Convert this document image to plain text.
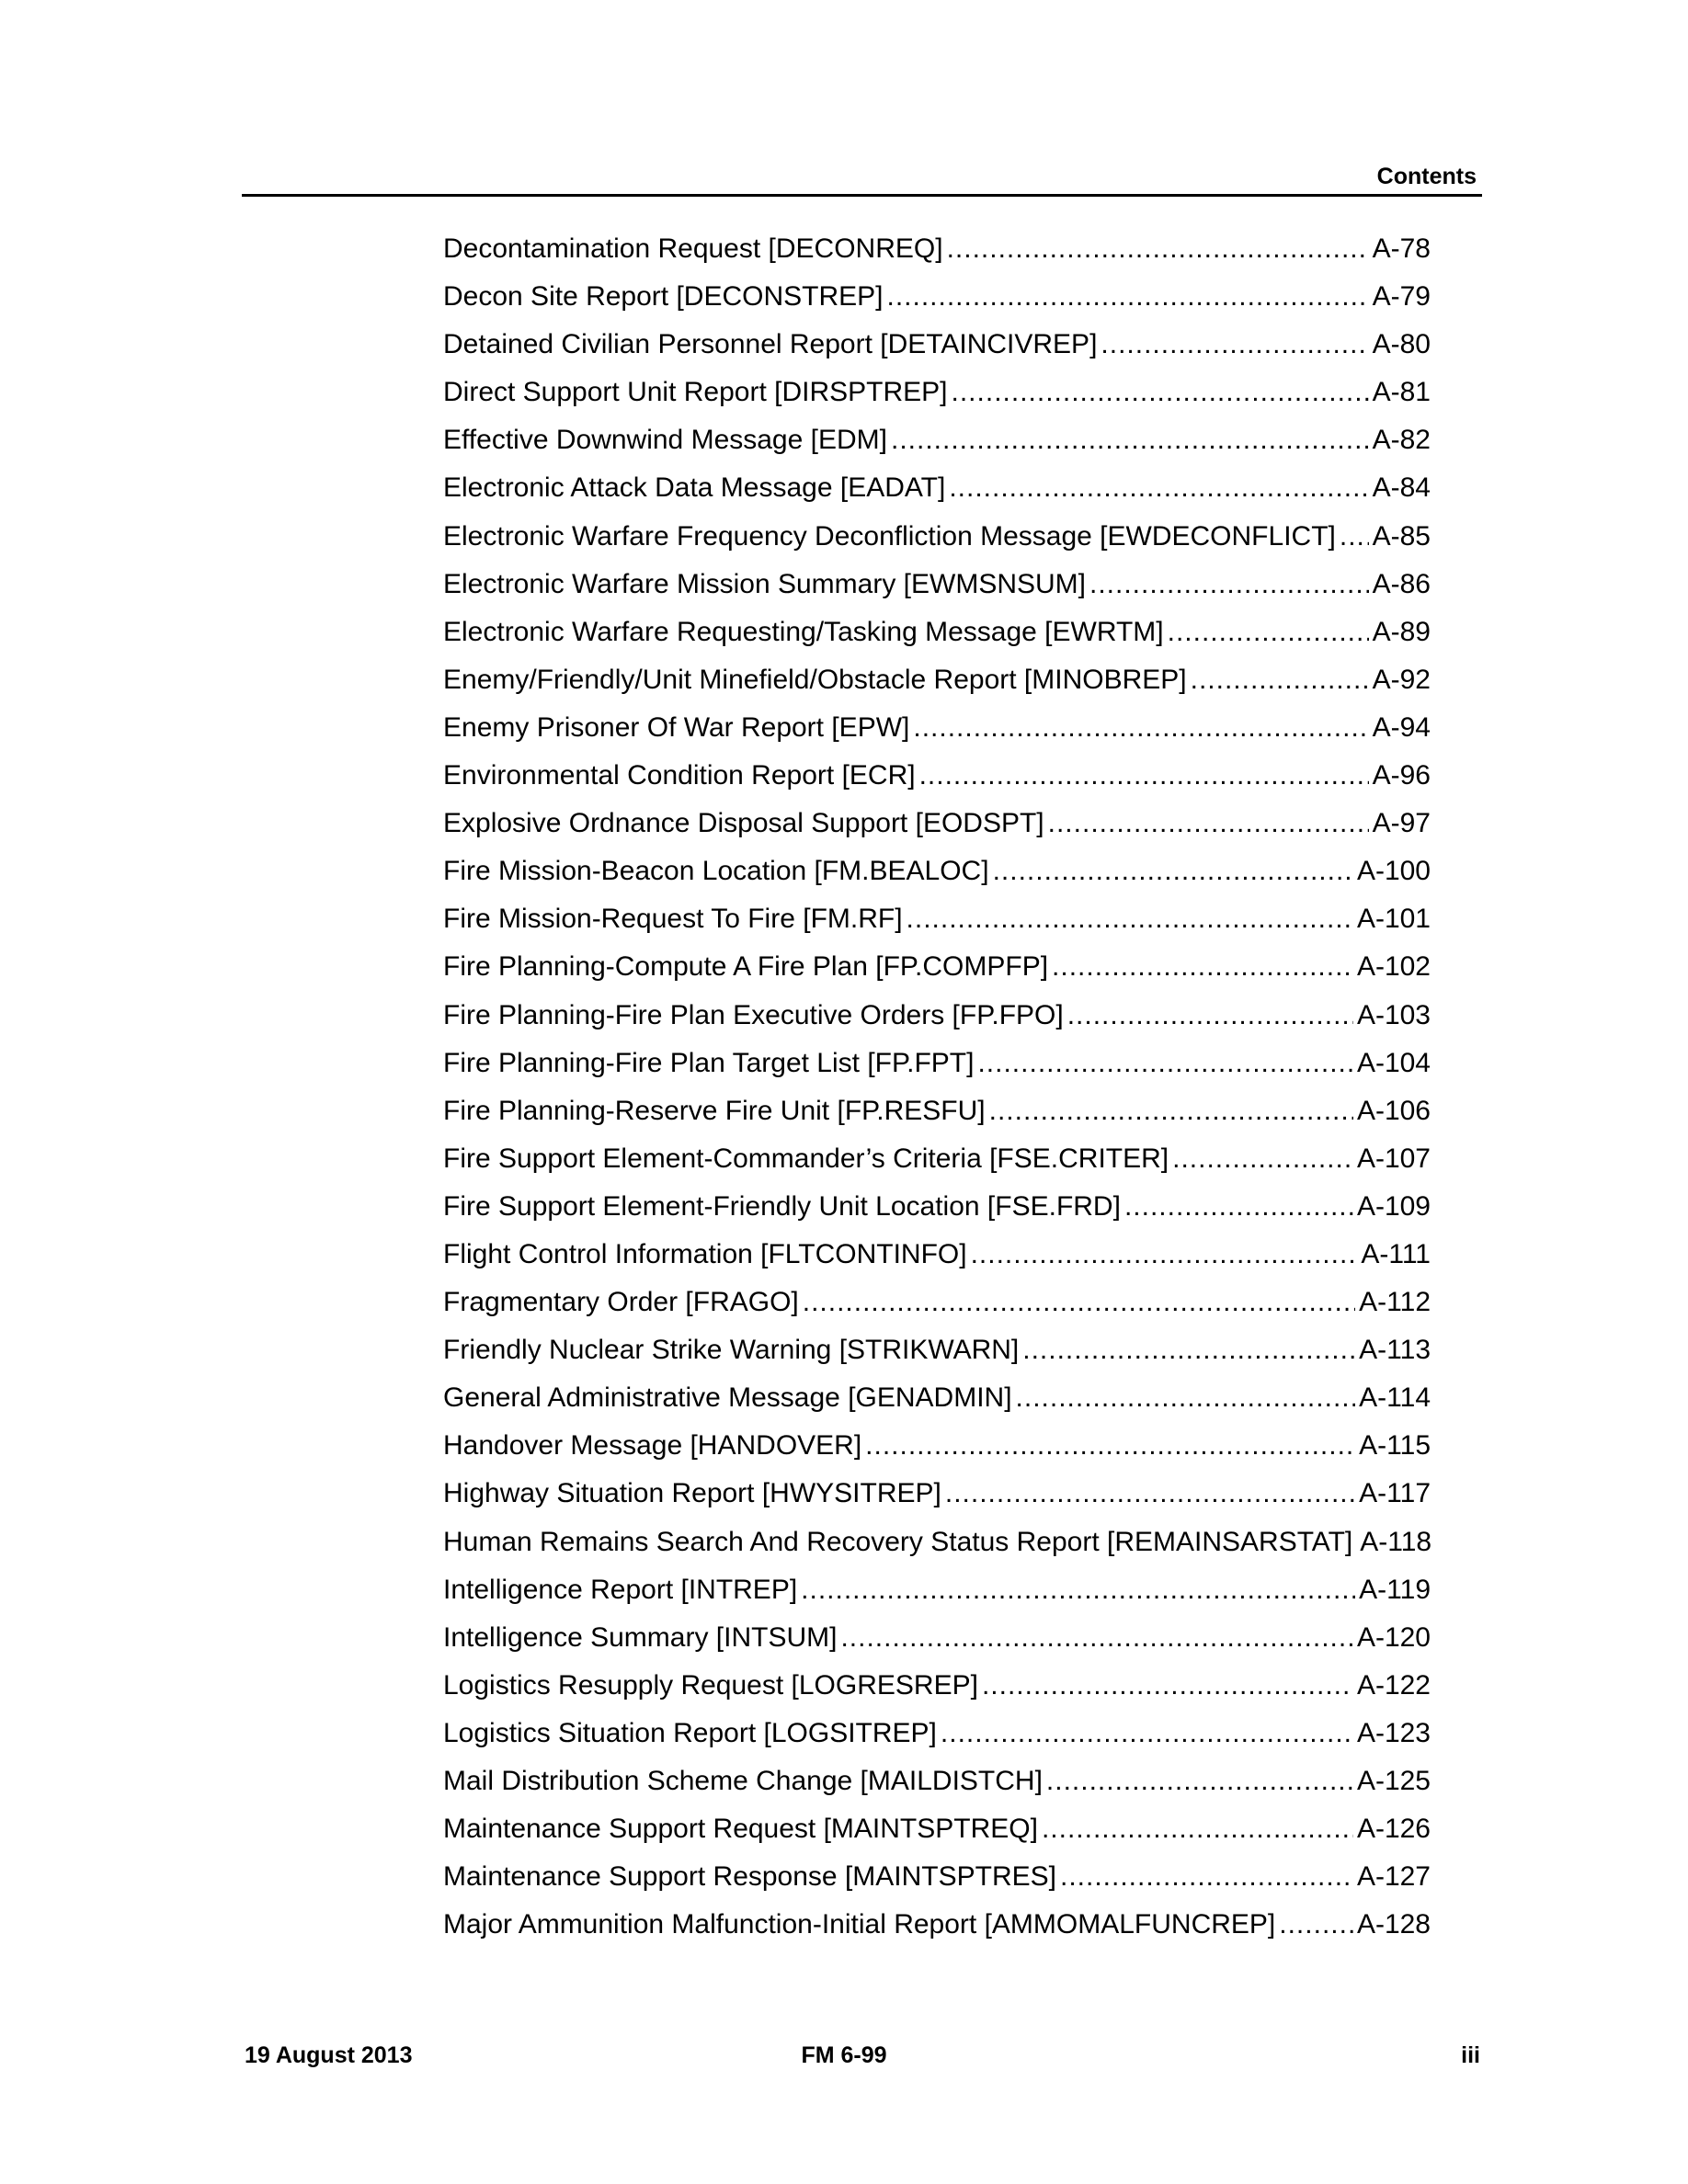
Contents
Decontamination Request [DECONREQ] .....	A-78
Decon Site Report [DECONSTREP] .....	A-79
Detained Civilian Personnel Report [DETAINCIVREP] .....	A-80
Direct Support Unit Report [DIRSPTREP] .....	A-81
Effective Downwind Message [EDM] .....	A-82
Electronic Attack Data Message [EADAT] .....	A-84
Electronic Warfare Frequency Deconfliction Message [EWDECONFLICT] ..... A-85
Electronic Warfare Mission Summary [EWMSNSUM] .....	A-86
Electronic Warfare Requesting/Tasking Message [EWRTM] .....	A-89
Enemy/Friendly/Unit Minefield/Obstacle Report [MINOBREP] .....	A-92
Enemy Prisoner Of War Report [EPW] .....	A-94
Environmental Condition Report [ECR] .....	A-96
Explosive Ordnance Disposal Support [EODSPT] .....	A-97
Fire Mission-Beacon Location [FM.BEALOC] .....	A-100
Fire Mission-Request To Fire [FM.RF] .....	A-101
Fire Planning-Compute A Fire Plan [FP.COMPFP] .....	A-102
Fire Planning-Fire Plan Executive Orders [FP.FPO] .....	A-103
Fire Planning-Fire Plan Target List [FP.FPT] .....	A-104
Fire Planning-Reserve Fire Unit [FP.RESFU] .....	A-106
Fire Support Element-Commander’s Criteria [FSE.CRITER] .....	A-107
Fire Support Element-Friendly Unit Location [FSE.FRD] .....	A-109
Flight Control Information [FLTCONTINFO] .....	A-111
Fragmentary Order [FRAGO] .....	A-112
Friendly Nuclear Strike Warning [STRIKWARN] .....	A-113
General Administrative Message [GENADMIN] .....	A-114
Handover Message [HANDOVER] .....	A-115
Highway Situation Report [HWYSITREP] .....	A-117
Human Remains Search And Recovery Status Report [REMAINSARSTAT] A-118
Intelligence Report [INTREP] .....	A-119
Intelligence Summary [INTSUM] .....	A-120
Logistics Resupply Request [LOGRESREP] .....	A-122
Logistics Situation Report [LOGSITREP] .....	A-123
Mail Distribution Scheme Change [MAILDISTCH] .....	A-125
Maintenance Support Request [MAINTSPTREQ] .....	A-126
Maintenance Support Response [MAINTSPTRES] .....	A-127
Major Ammunition Malfunction-Initial Report [AMMOMALFUNCREP] .....	A-128
19 August 2013	FM 6-99	iii
